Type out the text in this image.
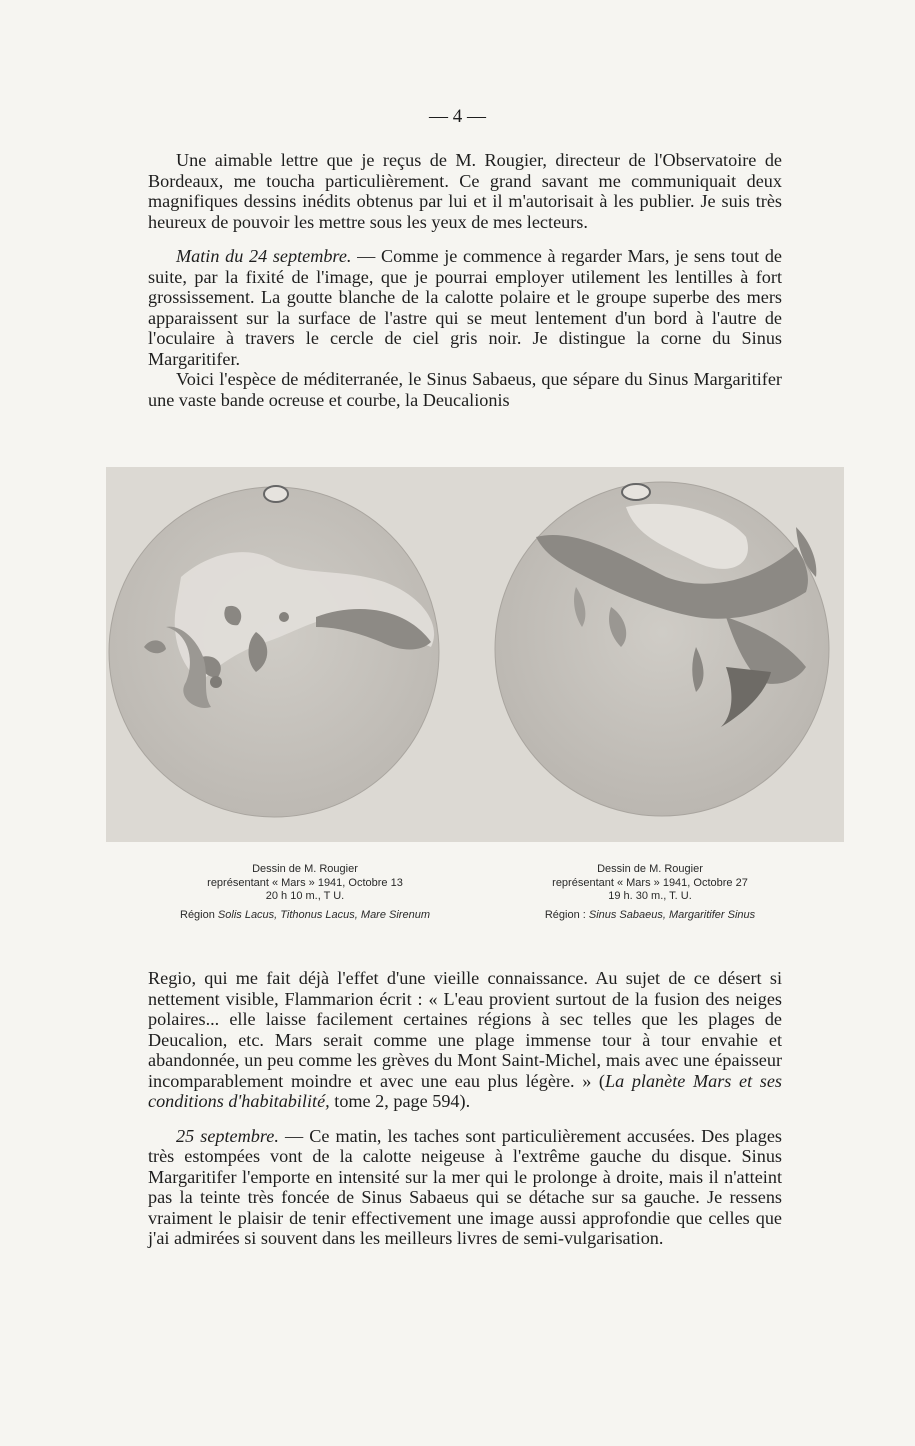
— 4 —

Une aimable lettre que je reçus de M. Rougier, directeur de l'Observatoire de Bordeaux, me toucha particulièrement. Ce grand savant me communiquait deux magnifiques dessins inédits obtenus par lui et il m'autorisait à les publier. Je suis très heureux de pouvoir les mettre sous les yeux de mes lecteurs.

Matin du 24 septembre. — Comme je commence à regarder Mars, je sens tout de suite, par la fixité de l'image, que je pourrai employer utilement les lentilles à fort grossissement. La goutte blanche de la calotte polaire et le groupe superbe des mers apparaissent sur la surface de l'astre qui se meut lentement d'un bord à l'autre de l'oculaire à travers le cercle de ciel gris noir. Je distingue la corne du Sinus Margaritifer.

Voici l'espèce de méditerranée, le Sinus Sabaeus, que sépare du Sinus Margaritifer une vaste bande ocreuse et courbe, la Deucalionis

Dessin de M. Rougier
représentant « Mars » 1941, Octobre 13
20 h 10 m., T U.
Région Solis Lacus, Tithonus Lacus, Mare Sirenum
Dessin de M. Rougier
représentant « Mars » 1941, Octobre 27
19 h. 30 m., T. U.
Région : Sinus Sabaeus, Margaritifer Sinus

Regio, qui me fait déjà l'effet d'une vieille connaissance. Au sujet de ce désert si nettement visible, Flammarion écrit : « L'eau provient surtout de la fusion des neiges polaires... elle laisse facilement certaines régions à sec telles que les plages de Deucalion, etc. Mars serait comme une plage immense tour à tour envahie et abandonnée, un peu comme les grèves du Mont Saint-Michel, mais avec une épaisseur incomparablement moindre et avec une eau plus légère. » (La planète Mars et ses conditions d'habitabilité, tome 2, page 594).

25 septembre. — Ce matin, les taches sont particulièrement accusées. Des plages très estompées vont de la calotte neigeuse à l'extrême gauche du disque. Sinus Margaritifer l'emporte en intensité sur la mer qui le prolonge à droite, mais il n'atteint pas la teinte très foncée de Sinus Sabaeus qui se détache sur sa gauche. Je ressens vraiment le plaisir de tenir effectivement une image aussi approfondie que celles que j'ai admirées si souvent dans les meilleurs livres de semi-vulgarisation.
